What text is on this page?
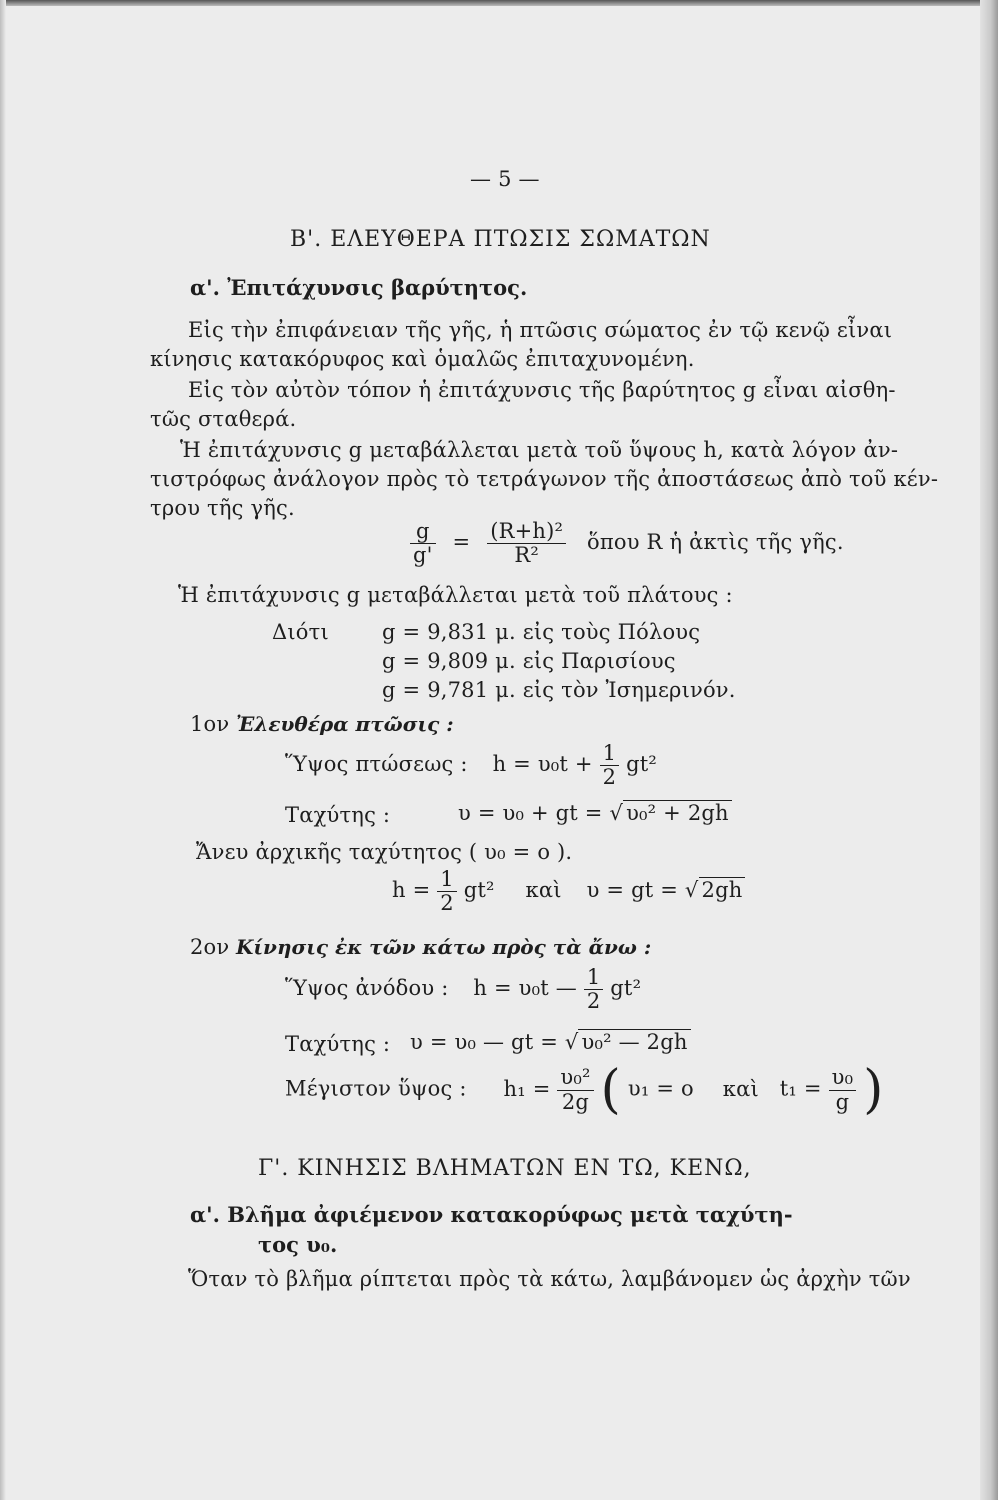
— 5 —
Β'. ΕΛΕΥΘΕΡΑ ΠΤΩΣΙΣ ΣΩΜΑΤΩΝ
α'. Ἐπιτάχυνσις βαρύτητος.
Εἰς τὴν ἐπιφάνειαν τῆς γῆς, ἡ πτῶσις σώματος ἐν τῷ κενῷ εἶναι
κίνησις κατακόρυφος καὶ ὁμαλῶς ἐπιταχυνομένη.
Εἰς τὸν αὐτὸν τόπον ἡ ἐπιτάχυνσις τῆς βαρύτητος g εἶναι αἰσθη-
τῶς σταθερά.
Ἡ ἐπιτάχυνσις g μεταβάλλεται μετὰ τοῦ ὕψους h, κατὰ λόγον ἀν-
τιστρόφως ἀνάλογον πρὸς τὸ τετράγωνον τῆς ἀποστάσεως ἀπὸ τοῦ κέν-
τρου τῆς γῆς.
$\frac{g}{g'} = \frac{\text{(R+h)²}}{\text{R²}}$ ὅπου R ἡ ἀκτὶς τῆς γῆς.
Ἡ ἐπιτάχυνσις g μεταβάλλεται μετὰ τοῦ πλάτους :
Διότι	g = 9,831 μ. εἰς τοὺς Πόλους
g = 9,809 μ. εἰς Παρισίους
g = 9,781 μ. εἰς τὸν Ἰσημερινόν.
1ον Ἐλευθέρα πτῶσις :
Ὕψος πτώσεως : $h = \upsilon_0t + \frac{1}{2} gt^2$
Ταχύτης :	υ = υ₀ + gt = √ υ₀² + 2gh
Ἄνευ ἀρχικῆς ταχύτητος ( υ₀ = ο ).
$h = \frac{1}{2} gt^2$ καὶ υ = gt = √ 2gh
2ον Κίνησις ἐκ τῶν κάτω πρὸς τὰ ἄνω :
Ὕψος ἀνόδου : h = υ₀t — $\frac{1}{2} gt^2$
Ταχύτης : υ = υ₀ — gt = √ υ₀² — 2gh
Μέγιστον ὕψος : $h_1 = \frac{\text{υ₀²}}{2g}$ ( υ₁ = ο καὶ $t_1 = \frac{\text{υ₀}}{g}$ )
Γ'. ΚΙΝΗΣΙΣ ΒΛΗΜΑΤΩΝ ΕΝ ΤΩ, ΚΕΝΩ,
α'. Βλῆμα ἀφιέμενον κατακορύφως μετὰ ταχύτη-
τος υ₀.
Ὅταν τὸ βλῆμα ρίπτεται πρὸς τὰ κάτω, λαμβάνομεν ὡς ἀρχὴν τῶν
